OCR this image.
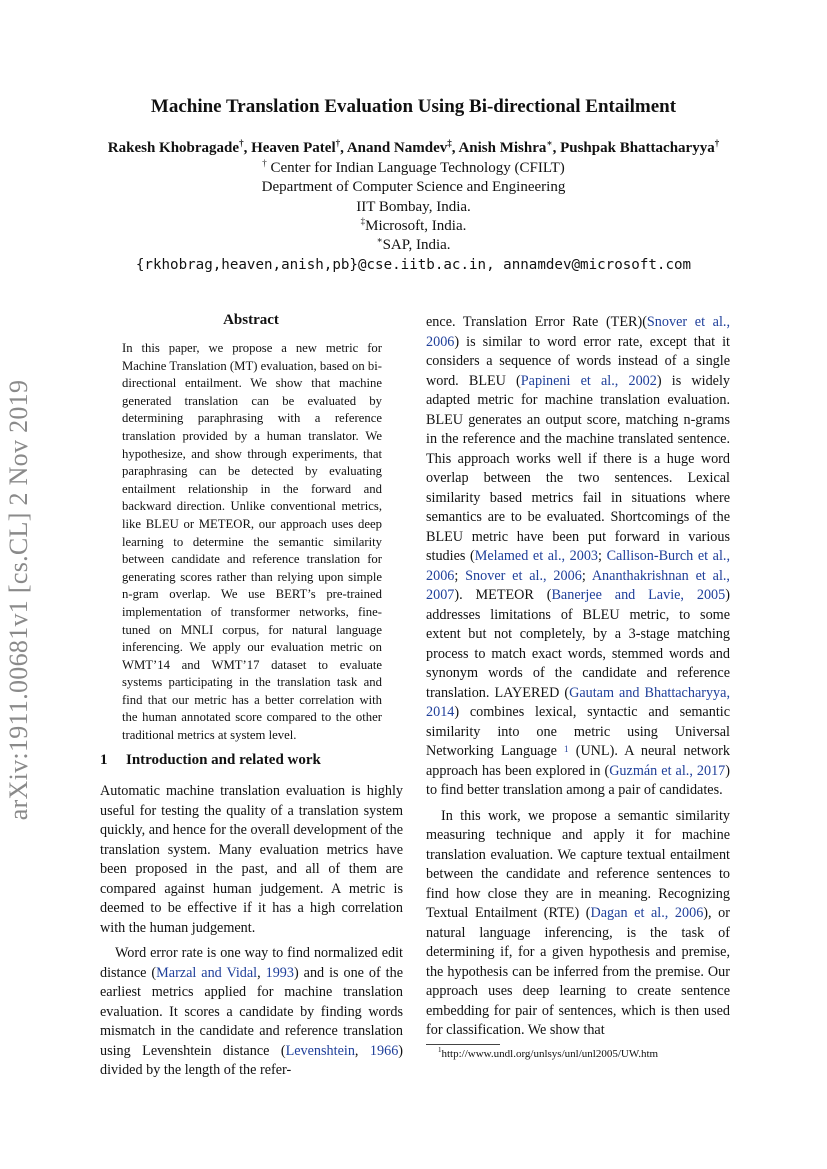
arXiv:1911.00681v1 [cs.CL] 2 Nov 2019
Machine Translation Evaluation Using Bi-directional Entailment
Rakesh Khobragade†, Heaven Patel†, Anand Namdev‡, Anish Mishra∗, Pushpak Bhattacharyya†
† Center for Indian Language Technology (CFILT)
Department of Computer Science and Engineering
IIT Bombay, India.
‡Microsoft, India.
∗SAP, India.
{rkhobrag,heaven,anish,pb}@cse.iitb.ac.in, annamdev@microsoft.com
Abstract
In this paper, we propose a new metric for Machine Translation (MT) evaluation, based on bi-directional entailment. We show that machine generated translation can be evaluated by determining paraphrasing with a reference translation provided by a human translator. We hypothesize, and show through experiments, that paraphrasing can be detected by evaluating entailment relationship in the forward and backward direction. Unlike conventional metrics, like BLEU or METEOR, our approach uses deep learning to determine the semantic similarity between candidate and reference translation for generating scores rather than relying upon simple n-gram overlap. We use BERT’s pre-trained implementation of transformer networks, fine-tuned on MNLI corpus, for natural language inferencing. We apply our evaluation metric on WMT’14 and WMT’17 dataset to evaluate systems participating in the translation task and find that our metric has a better correlation with the human annotated score compared to the other traditional metrics at system level.
1 Introduction and related work

Automatic machine translation evaluation is highly useful for testing the quality of a translation system quickly, and hence for the overall development of the translation system. Many evaluation metrics have been proposed in the past, and all of them are compared against human judgement. A metric is deemed to be effective if it has a high correlation with the human judgement.

Word error rate is one way to find normalized edit distance (Marzal and Vidal, 1993) and is one of the earliest metrics applied for machine translation evaluation. It scores a candidate by finding words mismatch in the candidate and reference translation using Levenshtein distance (Levenshtein, 1966) divided by the length of the refer-

ence. Translation Error Rate (TER)(Snover et al., 2006) is similar to word error rate, except that it considers a sequence of words instead of a single word. BLEU (Papineni et al., 2002) is widely adapted metric for machine translation evaluation. BLEU generates an output score, matching n-grams in the reference and the machine translated sentence. This approach works well if there is a huge word overlap between the two sentences. Lexical similarity based metrics fail in situations where semantics are to be evaluated. Shortcomings of the BLEU metric have been put forward in various studies (Melamed et al., 2003; Callison-Burch et al., 2006; Snover et al., 2006; Ananthakrishnan et al., 2007). METEOR (Banerjee and Lavie, 2005) addresses limitations of BLEU metric, to some extent but not completely, by a 3-stage matching process to match exact words, stemmed words and synonym words of the candidate and reference translation. LAYERED (Gautam and Bhattacharyya, 2014) combines lexical, syntactic and semantic similarity into one metric using Universal Networking Language $^1$ (UNL). A neural network approach has been explored in (Guzmán et al., 2017) to find better translation among a pair of candidates.

In this work, we propose a semantic similarity measuring technique and apply it for machine translation evaluation. We capture textual entailment between the candidate and reference sentences to find how close they are in meaning. Recognizing Textual Entailment (RTE) (Dagan et al., 2006), or natural language inferencing, is the task of determining if, for a given hypothesis and premise, the hypothesis can be inferred from the premise. Our approach uses deep learning to create sentence embedding for pair of sentences, which is then used for classification. We show that

$^1$http://www.undl.org/unlsys/unl/unl2005/UW.htm
